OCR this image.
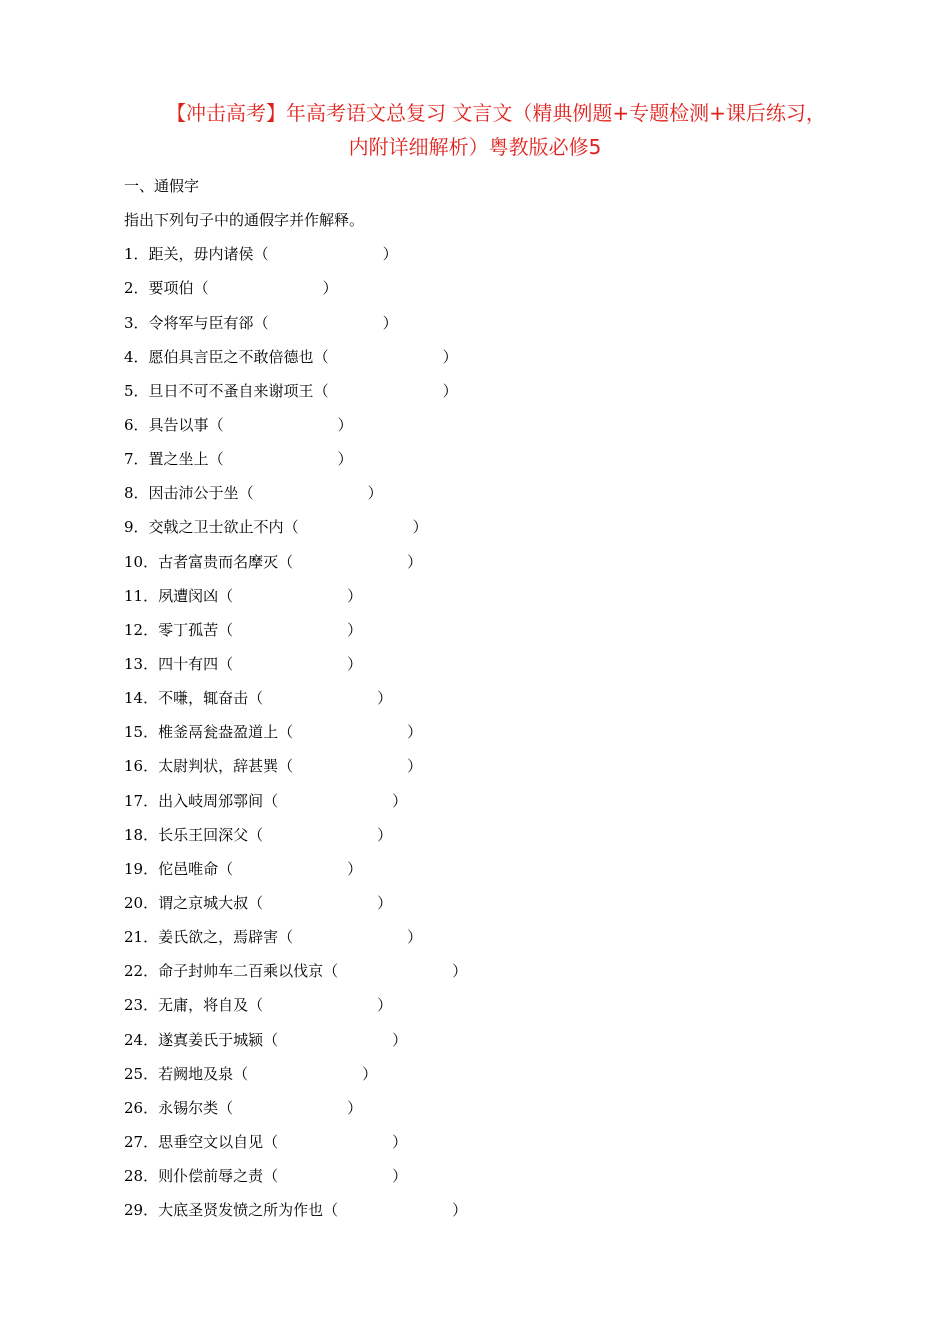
【冲击高考】年高考语文总复习 文言文（精典例题+专题检测+课后练习，
内附详细解析）粤教版必修5
一、通假字
指出下列句子中的通假字并作解释。
1．距关，毋内诸侯（	）
2．要项伯（	）
3．令将军与臣有郤（	）
4．愿伯具言臣之不敢倍德也（	）
5．旦日不可不蚤自来谢项王（	）
6．具告以事（	）
7．置之坐上（	）
8．因击沛公于坐（	）
9．交戟之卫士欲止不内（	）
10．古者富贵而名摩灭（	）
11．夙遭闵凶（	）
12．零丁孤苦（	）
13．四十有四（	）
14．不嗛，辄奋击（	）
15．椎釜鬲瓮盎盈道上（	）
16．太尉判状，辞甚巽（	）
17．出入岐周邠鄠间（	）
18．长乐王回深父（	）
19．佗邑唯命（	）
20．谓之京城大叔（	）
21．姜氏欲之，焉辟害（	）
22．命子封帅车二百乘以伐京（	）
23．无庸，将自及（	）
24．遂寘姜氏于城颍（	）
25．若阙地及泉（	）
26．永锡尔类（	）
27．思垂空文以自见（	）
28．则仆偿前辱之责（	）
29．大底圣贤发愤之所为作也（	）
